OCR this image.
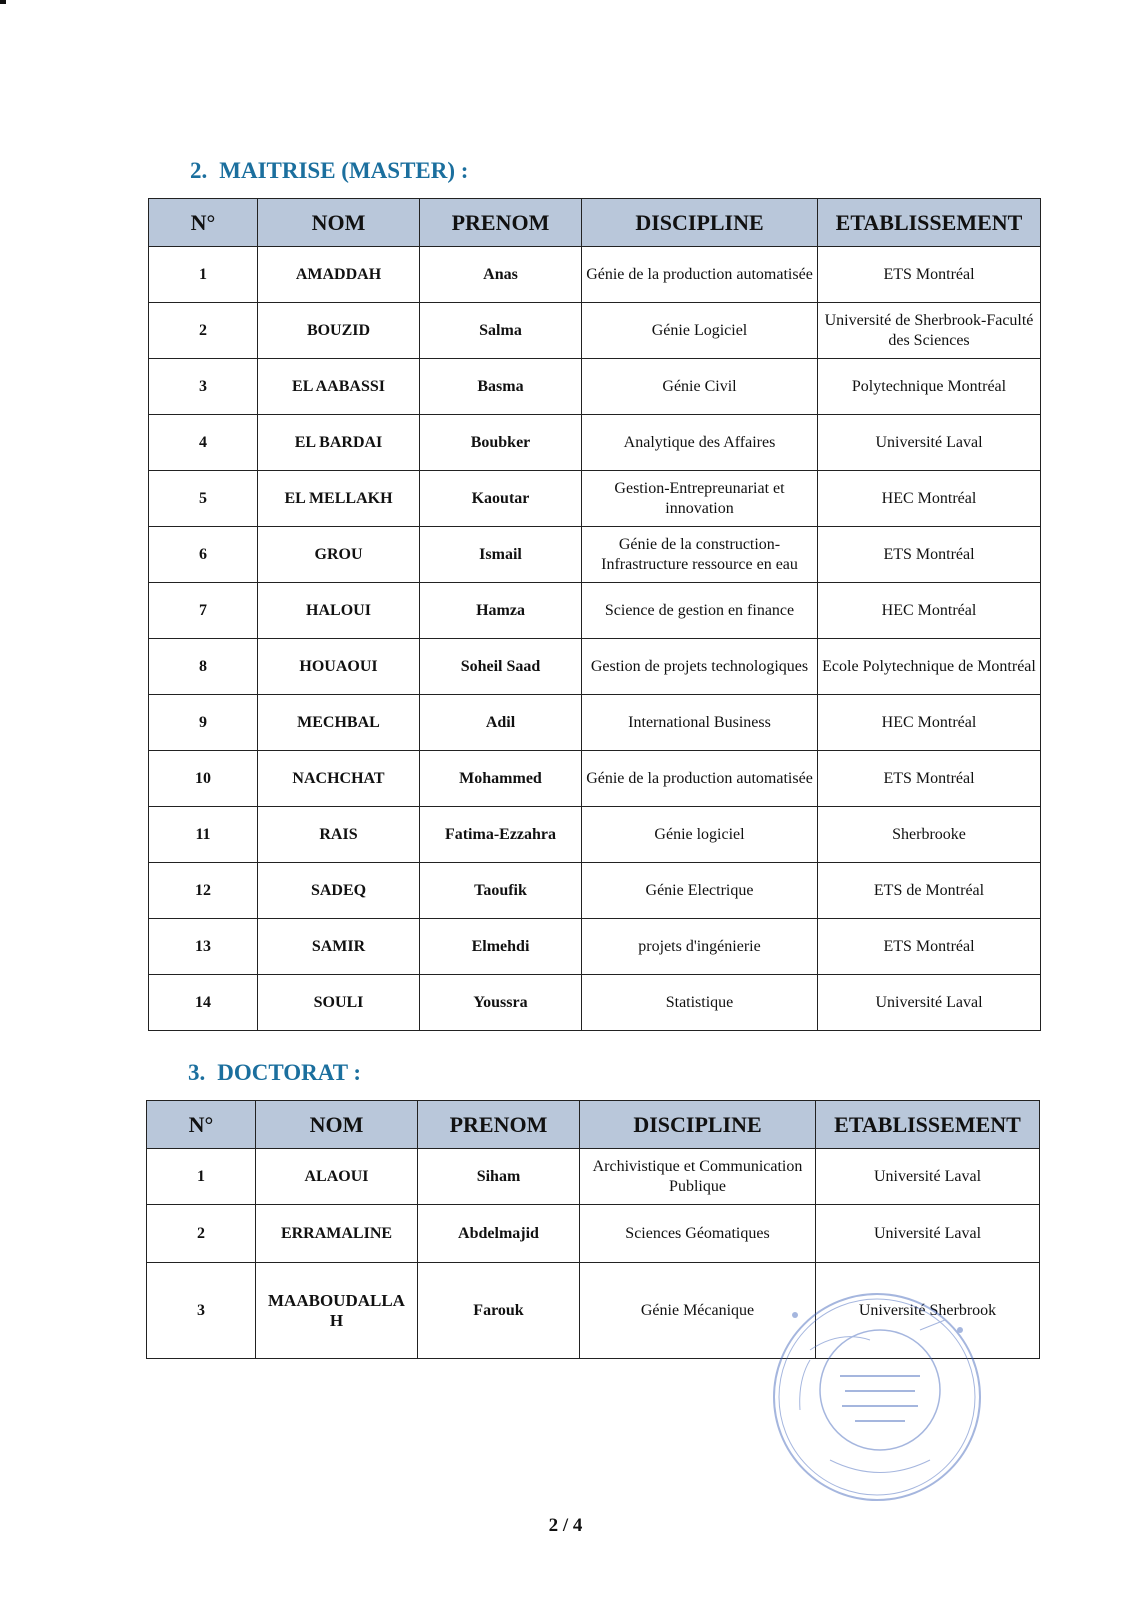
2. MAITRISE (MASTER) :
N°	NOM	PRENOM	DISCIPLINE	ETABLISSEMENT
1	AMADDAH	Anas	Génie de la production automatisée	ETS Montréal
2	BOUZID	Salma	Génie Logiciel	Université de Sherbrook-Faculté des Sciences
3	EL AABASSI	Basma	Génie Civil	Polytechnique Montréal
4	EL BARDAI	Boubker	Analytique des Affaires	Université Laval
5	EL MELLAKH	Kaoutar	Gestion-Entrepreunariat et innovation	HEC Montréal
6	GROU	Ismail	Génie de la construction-Infrastructure ressource en eau	ETS Montréal
7	HALOUI	Hamza	Science de gestion en finance	HEC Montréal
8	HOUAOUI	Soheil Saad	Gestion de projets technologiques	Ecole Polytechnique de Montréal
9	MECHBAL	Adil	International Business	HEC Montréal
10	NACHCHAT	Mohammed	Génie de la production automatisée	ETS Montréal
11	RAIS	Fatima-Ezzahra	Génie logiciel	Sherbrooke
12	SADEQ	Taoufik	Génie Electrique	ETS de Montréal
13	SAMIR	Elmehdi	projets d'ingénierie	ETS Montréal
14	SOULI	Youssra	Statistique	Université Laval
3. DOCTORAT :
N°	NOM	PRENOM	DISCIPLINE	ETABLISSEMENT
1	ALAOUI	Siham	Archivistique et Communication Publique	Université Laval
2	ERRAMALINE	Abdelmajid	Sciences Géomatiques	Université Laval
3	MAABOUDALLA H	Farouk	Génie Mécanique	Université Sherbrook
2 / 4
